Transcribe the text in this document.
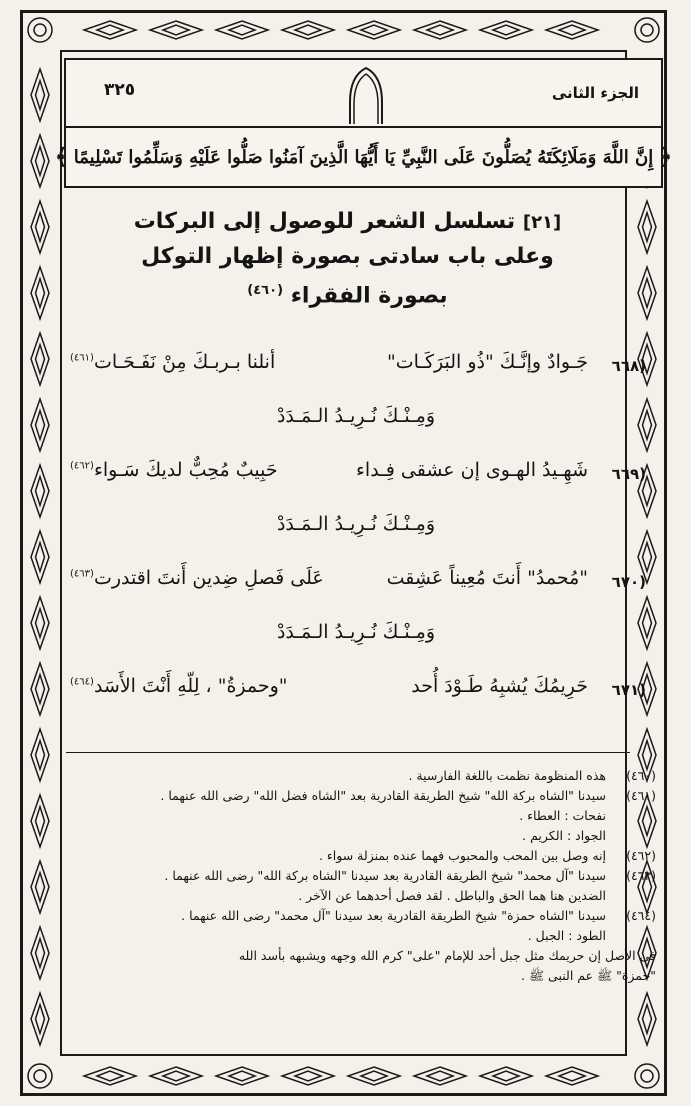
الجزء الثانى
٣٢٥
﴿
إِنَّ اللَّهَ وَمَلَائِكَتَهُ يُصَلُّونَ عَلَى النَّبِيِّ يَا أَيُّهَا الَّذِينَ آمَنُوا صَلُّوا عَلَيْهِ وَسَلِّمُوا تَسْلِيمًا
﴾
[٢١] تسلسل الشعر للوصول إلى البركات
وعلى باب سادتى بصورة إظهار التوكل
بصورة الفقراء $^{(٤٦٠)}$
(٦٦٨
جَـوادٌ وإنَّـكَ "ذُو البَرَكَـات"
أنلنا بـربـكَ مِنْ نَفَـحَـات$^{(٤٦١)}$
وَمِـنْـكَ نُـرِيـدُ الـمَـدَدْ
(٦٦٩
شَهِـيدُ الهـوى إن عشقى فِـداء
حَبِيبٌ مُحِبٌّ لديكَ سَـواء$^{(٤٦٢)}$
وَمِـنْـكَ نُـرِيـدُ الـمَـدَدْ
(٦٧٠
"مُحمدُ" أَنتَ مُعِيناً عَشِقت
عَلَى فَصلِ ضِدين أَنتَ اقتدرت$^{(٤٦٣)}$
وَمِـنْـكَ نُـرِيـدُ الـمَـدَدْ
(٦٧١
حَرِيمُكَ يُشبِهُ طَـوْدَ أُحد
"وحمزةُ" ، لِلّهِ أَنْتَ الأَسَد$^{(٤٦٤)}$
(٤٦٠)
هذه المنظومة نظمت باللغة الفارسية .
(٤٦١)
سيدنا "الشاه بركة الله" شيخ الطريقة القادرية بعد "الشاه فضل الله" رضى الله عنهما .
نفحات : العطاء .
الجواد : الكريم .
(٤٦٢)
إنه وصل بين المحب والمحبوب فهما عنده بمنزلة سواء .
(٤٦٣)
سيدنا "آل محمد" شيخ الطريقة القادرية بعد سيدنا "الشاه بركة الله" رضى الله عنهما .
الضدين هنا هما الحق والباطل . لقد فصل أحدهما عن الآخر .
(٤٦٤)
سيدنا "الشاه حمزة" شيخ الطريقة القادرية بعد سيدنا "آل محمد" رضى الله عنهما .
الطود : الجبل .
فى الأصل إن حريمك مثل جبل أحد للإمام "على" كرم الله وجهه ويشبهه بأسد الله
"حمزة" ﷺ عم النبى ﷺ .
